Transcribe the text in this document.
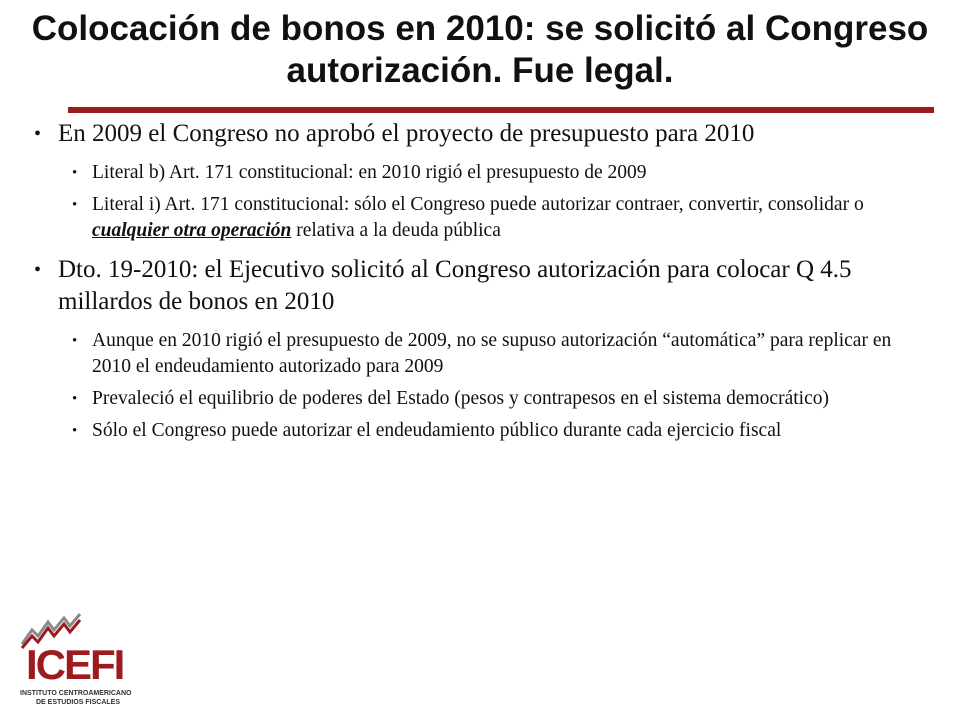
Colocación de bonos en 2010: se solicitó al Congreso autorización. Fue legal.
• En 2009 el Congreso no aprobó el proyecto de presupuesto para 2010
• Literal b) Art. 171 constitucional: en 2010 rigió el presupuesto de 2009
• Literal i) Art. 171 constitucional: sólo el Congreso puede autorizar contraer, convertir, consolidar o cualquier otra operación relativa a la deuda pública
• Dto. 19-2010: el Ejecutivo solicitó al Congreso autorización para colocar Q 4.5 millardos de bonos en 2010
• Aunque en 2010 rigió el presupuesto de 2009, no se supuso autorización “automática” para replicar en 2010 el endeudamiento autorizado para 2009
• Prevaleció el equilibrio de poderes del Estado (pesos y contrapesos en el sistema democrático)
• Sólo el Congreso puede autorizar el endeudamiento público durante cada ejercicio fiscal
ICEFI
INSTITUTO CENTROAMERICANO
DE ESTUDIOS FISCALES
